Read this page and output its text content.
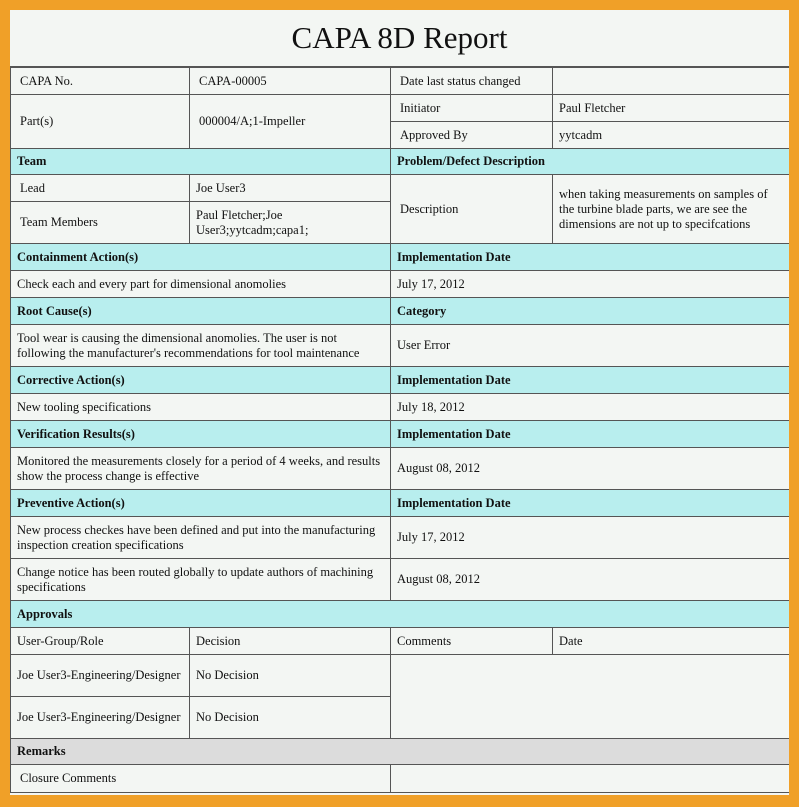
CAPA 8D Report
CAPA No.	CAPA-00005	Date last status changed	
Part(s)	000004/A;1-Impeller	Initiator	Paul Fletcher
		Approved By	yytcadm
Team		Problem/Defect Description	
Lead	Joe User3	Description	when taking measurements on samples of the turbine blade parts, we are see the dimensions are not up to specifcations
Team Members	Paul Fletcher;Joe User3;yytcadm;capa1;		
Containment Action(s)		Implementation Date	
Check each and every part for dimensional anomolies		July 17, 2012	
Root Cause(s)		Category	
Tool wear is causing the dimensional anomolies. The user is not following the manufacturer's recommendations for tool maintenance		User Error	
Corrective Action(s)		Implementation Date	
New tooling specifications		July 18, 2012	
Verification Results(s)		Implementation Date	
Monitored the measurements closely for a period of 4 weeks, and results show the process change is effective		August 08, 2012	
Preventive Action(s)		Implementation Date	
New process checkes have been defined and put into the manufacturing inspection creation specifications		July 17, 2012	
Change notice has been routed globally to update authors of machining specifications		August 08, 2012	
Approvals			
User-Group/Role	Decision	Comments	Date
Joe User3-Engineering/Designer	No Decision		
Joe User3-Engineering/Designer	No Decision		
Remarks			
Closure Comments			
